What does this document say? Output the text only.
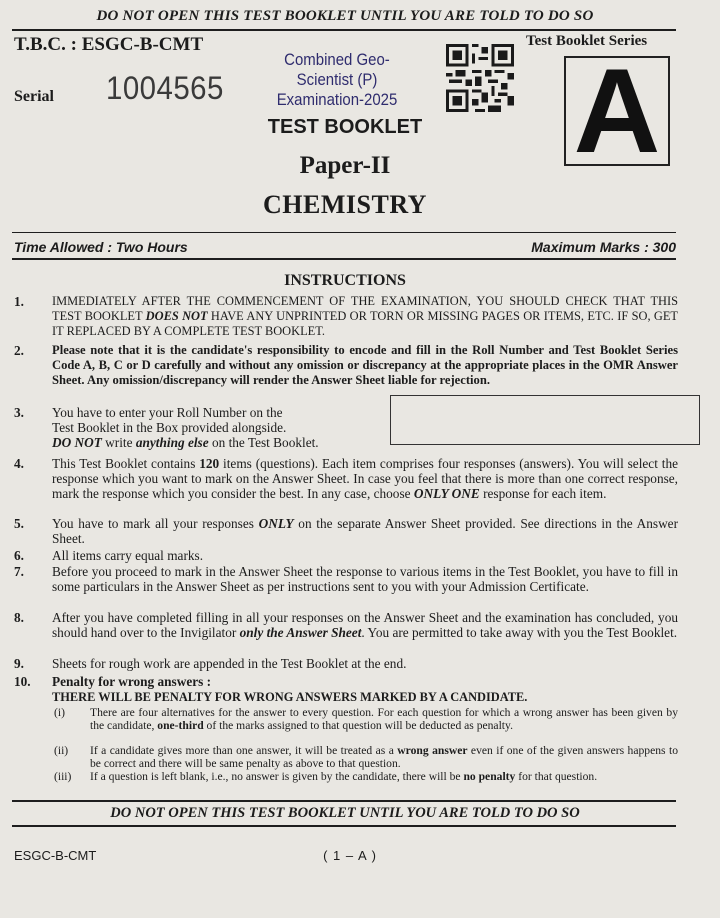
DO NOT OPEN THIS TEST BOOKLET UNTIL YOU ARE TOLD TO DO SO
T.B.C. : ESGC-B-CMT
Serial 1004565
Combined Geo-Scientist (P)
Examination-2025
Test Booklet Series
A
TEST BOOKLET
Paper-II
CHEMISTRY
Time Allowed : Two Hours	Maximum Marks : 300
INSTRUCTIONS
1.	IMMEDIATELY AFTER THE COMMENCEMENT OF THE EXAMINATION, YOU SHOULD CHECK THAT THIS TEST BOOKLET DOES NOT HAVE ANY UNPRINTED OR TORN OR MISSING PAGES OR ITEMS, ETC. IF SO, GET IT REPLACED BY A COMPLETE TEST BOOKLET.
2.	Please note that it is the candidate's responsibility to encode and fill in the Roll Number and Test Booklet Series Code A, B, C or D carefully and without any omission or discrepancy at the appropriate places in the OMR Answer Sheet. Any omission/discrepancy will render the Answer Sheet liable for rejection.
3.	You have to enter your Roll Number on the
Test Booklet in the Box provided alongside.
DO NOT write anything else on the Test Booklet.
4.	This Test Booklet contains 120 items (questions). Each item comprises four responses (answers). You will select the response which you want to mark on the Answer Sheet. In case you feel that there is more than one correct response, mark the response which you consider the best. In any case, choose ONLY ONE response for each item.
5.	You have to mark all your responses ONLY on the separate Answer Sheet provided. See directions in the Answer Sheet.
6.	All items carry equal marks.
7.	Before you proceed to mark in the Answer Sheet the response to various items in the Test Booklet, you have to fill in some particulars in the Answer Sheet as per instructions sent to you with your Admission Certificate.
8.	After you have completed filling in all your responses on the Answer Sheet and the examination has concluded, you should hand over to the Invigilator only the Answer Sheet. You are permitted to take away with you the Test Booklet.
9.	Sheets for rough work are appended in the Test Booklet at the end.
10.	Penalty for wrong answers :
THERE WILL BE PENALTY FOR WRONG ANSWERS MARKED BY A CANDIDATE.
(i)	There are four alternatives for the answer to every question. For each question for which a wrong answer has been given by the candidate, one-third of the marks assigned to that question will be deducted as penalty.
(ii)	If a candidate gives more than one answer, it will be treated as a wrong answer even if one of the given answers happens to be correct and there will be same penalty as above to that question.
(iii)	If a question is left blank, i.e., no answer is given by the candidate, there will be no penalty for that question.
DO NOT OPEN THIS TEST BOOKLET UNTIL YOU ARE TOLD TO DO SO
ESGC-B-CMT	( 1 – A )
